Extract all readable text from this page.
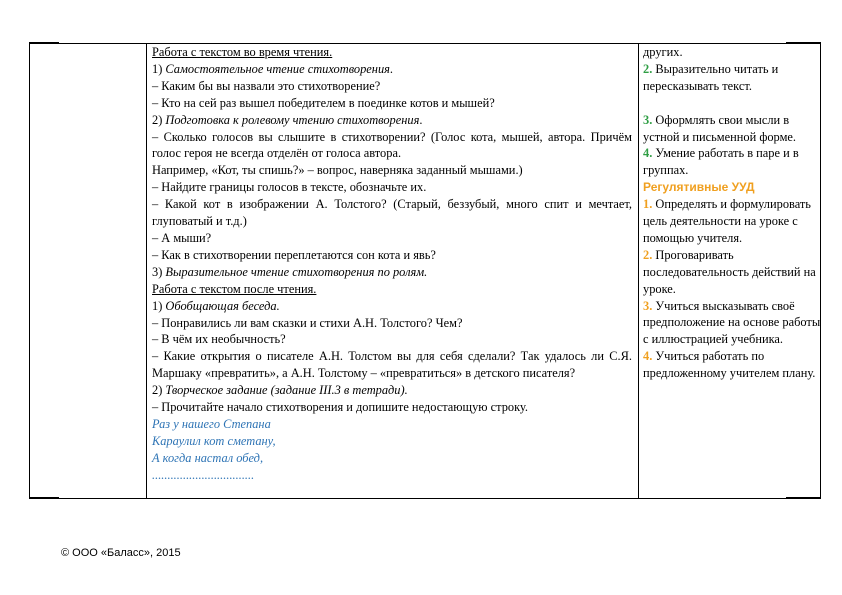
Работа с текстом во время чтения.

1) Самостоятельное чтение стихотворения.

– Каким бы вы назвали это стихотворение?

– Кто на сей раз вышел победителем в поединке котов и мышей?

2) Подготовка к ролевому чтению стихотворения.

– Сколько голосов вы слышите в стихотворении? (Голос кота, мышей, автора. Причём голос героя не всегда отделён от голоса автора.

Например, «Кот, ты спишь?» – вопрос, наверняка заданный мышами.)

– Найдите границы голосов в тексте, обозначьте их.

– Какой кот в изображении А. Толстого? (Старый, беззубый, много спит и мечтает, глуповатый и т.д.)

– А мыши?

– Как в стихотворении переплетаются сон кота и явь?

3) Выразительное чтение стихотворения по ролям.

Работа с текстом после чтения.

1) Обобщающая беседа.

– Понравились ли вам сказки и стихи А.Н. Толстого? Чем?

– В чём их необычность?

– Какие открытия о писателе А.Н. Толстом вы для себя сделали? Так удалось ли С.Я. Маршаку «превратить», а А.Н. Толстому – «превратиться» в детского писателя?

2) Творческое задание (задание III.3 в тетради).

– Прочитайте начало стихотворения и допишите недостающую строку.

Раз у нашего Степана

Караулил кот сметану,

А когда настал обед,

.................................

других.

2. Выразительно читать и пересказывать текст.

3. Оформлять свои мысли в устной и письменной форме.

4. Умение работать в паре и в группах.

Регулятивные УУД

1. Определять и формулировать цель деятельности на уроке с помощью учителя.

2. Проговаривать последовательность действий на уроке.

3. Учиться высказывать своё предположение на основе работы с иллюстрацией учебника.

4. Учиться работать по предложенному учителем плану.

© ООО «Баласс», 2015
